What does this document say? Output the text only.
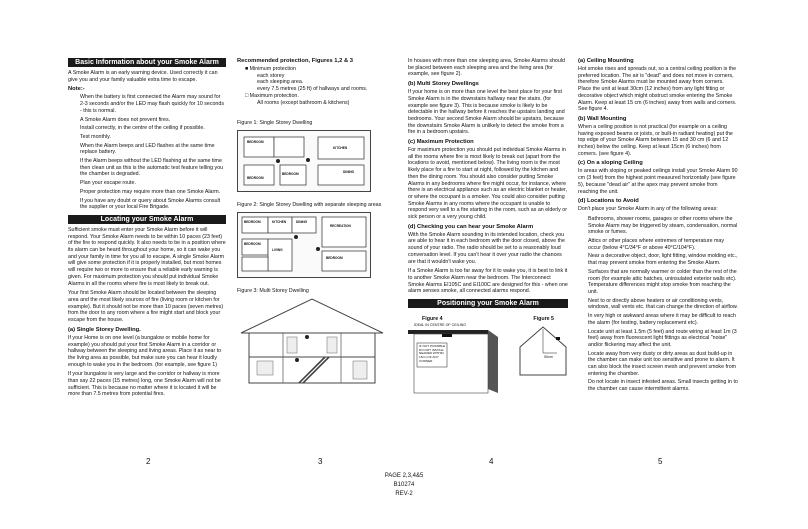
Basic Information about your Smoke Alarm

A Smoke Alarm is an early warning device. Used correctly it can give you and your family valuable extra time to escape.

Note:-

When the battery is first connected the Alarm may sound for 2-3 seconds and/or the LED may flash quickly for 10 seconds - this is normal.

A Smoke Alarm does not prevent fires.

Install correctly, in the centre of the ceiling if possible.

Test monthly.

When the Alarm beeps and LED flashes at the same time replace battery.

If the Alarm beeps without the LED flashing at the same time then clean unit as this is the automatic test feature telling you the chamber is degraded.

Plan your escape route.

Proper protection may require more than one Smoke Alarm.

If you have any doubt or query about Smoke Alarms consult the supplier or your local Fire Brigade.

Locating your Smoke Alarm

Sufficient smoke must enter your Smoke Alarm before it will respond. Your Smoke Alarm needs to be within 10 paces (23 feet) of the fire to respond quickly. It also needs to be in a position where its alarm can be heard throughout your home, so it can wake you and your family in time for you all to escape. A single Smoke Alarm will give some protection if it is properly installed, but most homes will require two or more to ensure that a reliable early warning is given. For maximum protection you should put individual Smoke Alarms in all the rooms where fire is most likely to break out.

Your first Smoke Alarm should be located between the sleeping area and the most likely sources of fire (living room or kitchen for example). But it should not be more than 10 paces (seven metres) from the door to any room where a fire might start and block your escape from the house.

(a) Single Storey Dwelling.

If your Home is on one level (a bungalow or mobile home for example) you should put your first Smoke Alarm in a corridor or hallway between the sleeping and living areas. Place it as near to the living area as possible, but make sure you can hear it loudly enough to wake you in the bedroom. (for example, see figure 1)

If your bungalow is very large and the corridor or hallway is more than say 22 paces (15 metres) long, one Smoke Alarm will not be sufficient. This is because no matter where it is located it will be more than 7.5 metres from potential fires.

Recommended protection, Figures 1,2 & 3
■ Minimum protection
each storey
each sleeping area.
every 7.5 metres (25 ft) of hallways and rooms.
□ Maximum protection.
All rooms (except bathroom & kitchens)
Figure 1: Single Storey Dwelling
BEDROOM
KITCHEN
DINING
BEDROOM
BEDROOM
Figure 2: Single Storey Dwelling with separate sleeping areas
BEDROOM	KITCHEN	DINING
RECREATION
LIVING
BEDROOM
BEDROOM
Figure 3: Multi Storey Dwelling

In houses with more than one sleeping area, Smoke Alarms should be placed between each sleeping area and the living area (for example, see figure 2).

(b) Multi Storey Dwellings

If your home is on more than one level the best place for your first Smoke Alarm is in the downstairs hallway near the stairs. (for example see figure 3). This is because smoke is likely to be detectable in the hallway before it reaches the upstairs landing and bedrooms. Your second Smoke Alarm should be upstairs, because the downstairs Smoke Alarm is unlikely to detect the smoke from a fire in a bedroom upstairs.

(c) Maximum Protection

For maximum protection you should put individual Smoke Alarms in all the rooms where fire is most likely to break out (apart from the locations to avoid, mentioned below). The living room is the most likely place for a fire to start at night, followed by the kitchen and then the dining room. You should also consider putting Smoke Alarms in any bedrooms where fire might occur, for instance, where there is an electrical appliance such as an electric blanket or heater, or where the occupant is a smoker. You could also consider putting Smoke Alarms in any rooms where the occupant is unable to respond very well to a fire starting in the room, such as an elderly or sick person or a very young child.

(d) Checking you can hear your Smoke Alarm

With the Smoke Alarm sounding in its intended location, check you are able to hear it in each bedroom with the door closed, above the sound of your radio. The radio should be set to a reasonably loud conversation level. If you can't hear it over your radio the chances are that it wouldn't wake you.

If a Smoke Alarm is too far away for it to wake you, it is best to link it to another Smoke Alarm near the bedroom. The Interconnect Smoke Alarms EI105C and EI100C are designed for this - when one alarm senses smoke, all connected alarms respond.

Positioning your Smoke Alarm
Figure 4	Figure 5
IDEAL IN CENTRE OF CEILING
IF NOT POSSIBLE DO NOT INSTALL NEARER WITHIN 15cm OF ANY CORNER
90cm
(a) Ceiling Mounting

Hot smoke rises and spreads out, so a central ceiling position is the preferred location. The air is "dead" and does not move in corners, therefore Smoke Alarms must be mounted away from corners. Place the unit at least 30cm (12 inches) from any light fitting or decorative object which might obstruct smoke entering the Smoke Alarm. Keep at least 15 cm (6 inches) away from walls and corners. See figure 4.

(b) Wall Mounting

When a ceiling position is not practical (for example on a ceiling having exposed beams or joists, or built-in radiant heating) put the top edge of your Smoke Alarm between 15 and 30 cm (6 and 12 inches) below the ceiling. Keep at least 15cm (6 inches) from corners. (see figure 4).

(c) On a sloping Ceiling

In areas with sloping or peaked ceilings install your Smoke Alarm 90 cm (3 feet) from the highest point measured horizontally (see figure 5), because "dead air" at the apex may prevent smoke from reaching the unit.

(d) Locations to Avoid

Don't place your Smoke Alarm in any of the following areas:

Bathrooms, shower rooms, garages or other rooms where the Smoke Alarm may be triggered by steam, condensation, normal smoke or fumes.

Attics or other places where extremes of temperature may occur (below 4°C/34°F or above 40°C/104°F).

Near a decorative object, door, light fitting, window molding etc., that may prevent smoke from entering the Smoke Alarm.

Surfaces that are normally warmer or colder than the rest of the room (for example attic hatches, uninsulated exterior walls etc). Temperature differences might stop smoke from reaching the unit.

Next to or directly above heaters or air conditioning vents, windows, wall vents etc. that can change the direction of airflow.

In very high or awkward areas where it may be difficult to reach the alarm (for testing, battery replacement etc).

Locate unit at least 1.5m (5 feet) and route wiring at least 1m (3 feet) away from fluorescent light fittings as electrical "noise" and/or flickering may affect the unit.

Locate away from very dusty or dirty areas as dust build-up in the chamber can make unit too sensitive and prone to alarm. It can also block the insect screen mesh and prevent smoke from entering the chamber.

Do not locate in insect infested areas. Small insects getting in to the chamber can cause intermittent alarms.

2	3	4	5
PAGE 2,3,4&5
B10274
REV-2
